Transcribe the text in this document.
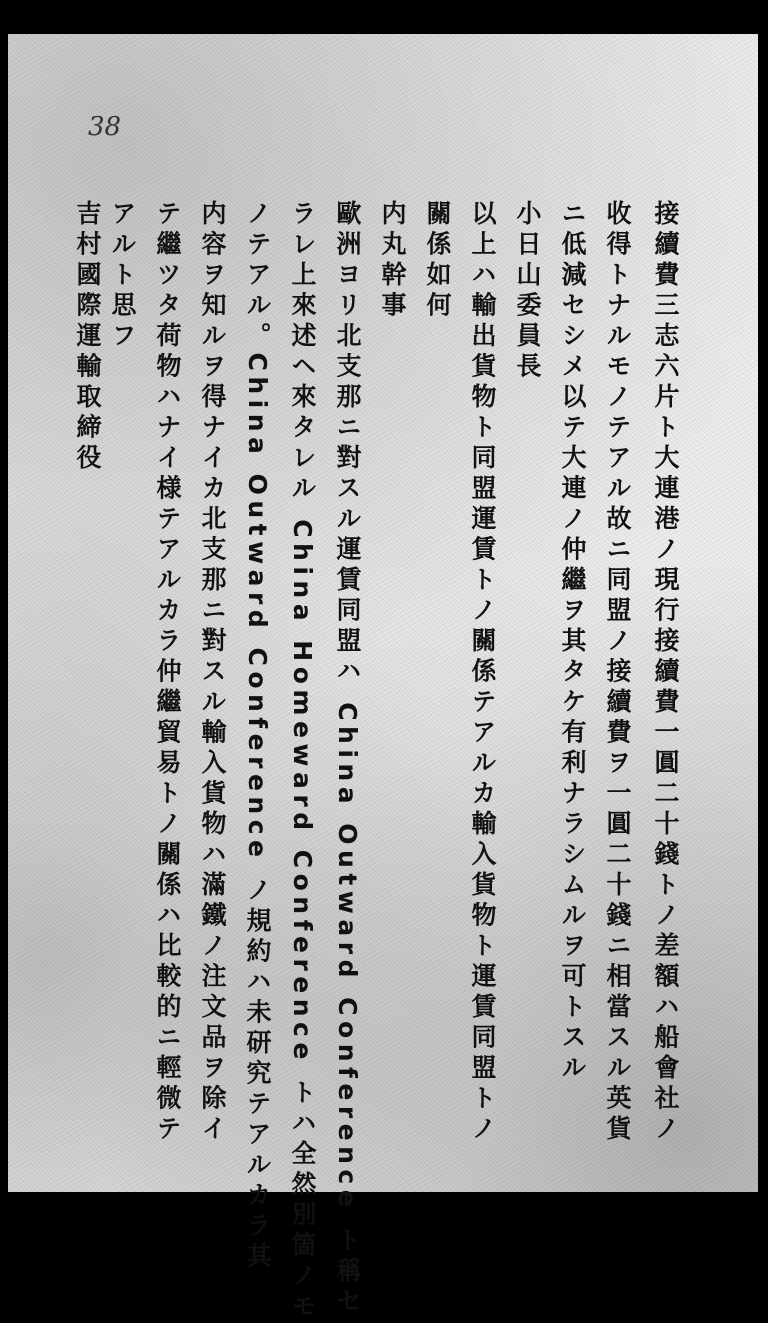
38
接續費三志六片ト大連港ノ現行接續費一圓二十錢トノ差額ハ船會社ノ
收得トナルモノテアル故ニ同盟ノ接續費ヲ一圓二十錢ニ相當スル英貨
ニ低減セシメ以テ大連ノ仲繼ヲ其タケ有利ナラシムルヲ可トスル
小日山委員長
以上ハ輸出貨物ト同盟運賃トノ關係テアルカ輸入貨物ト運賃同盟トノ
關係如何
内丸幹事
歐洲ヨリ北支那ニ對スル運賃同盟ハ China Outward Conference ト稱セ
ラレ上來述ヘ來タレル China Homeward Conference トハ全然別箇ノモ
ノテアル。China Outward Conference ノ規約ハ未研究テアルカラ其
内容ヲ知ルヲ得ナイカ北支那ニ對スル輸入貨物ハ滿鐵ノ注文品ヲ除イ
テ繼ツタ荷物ハナイ様テアルカラ仲繼貿易トノ關係ハ比較的ニ輕微テ
アルト思フ
吉村國際運輸取締役
